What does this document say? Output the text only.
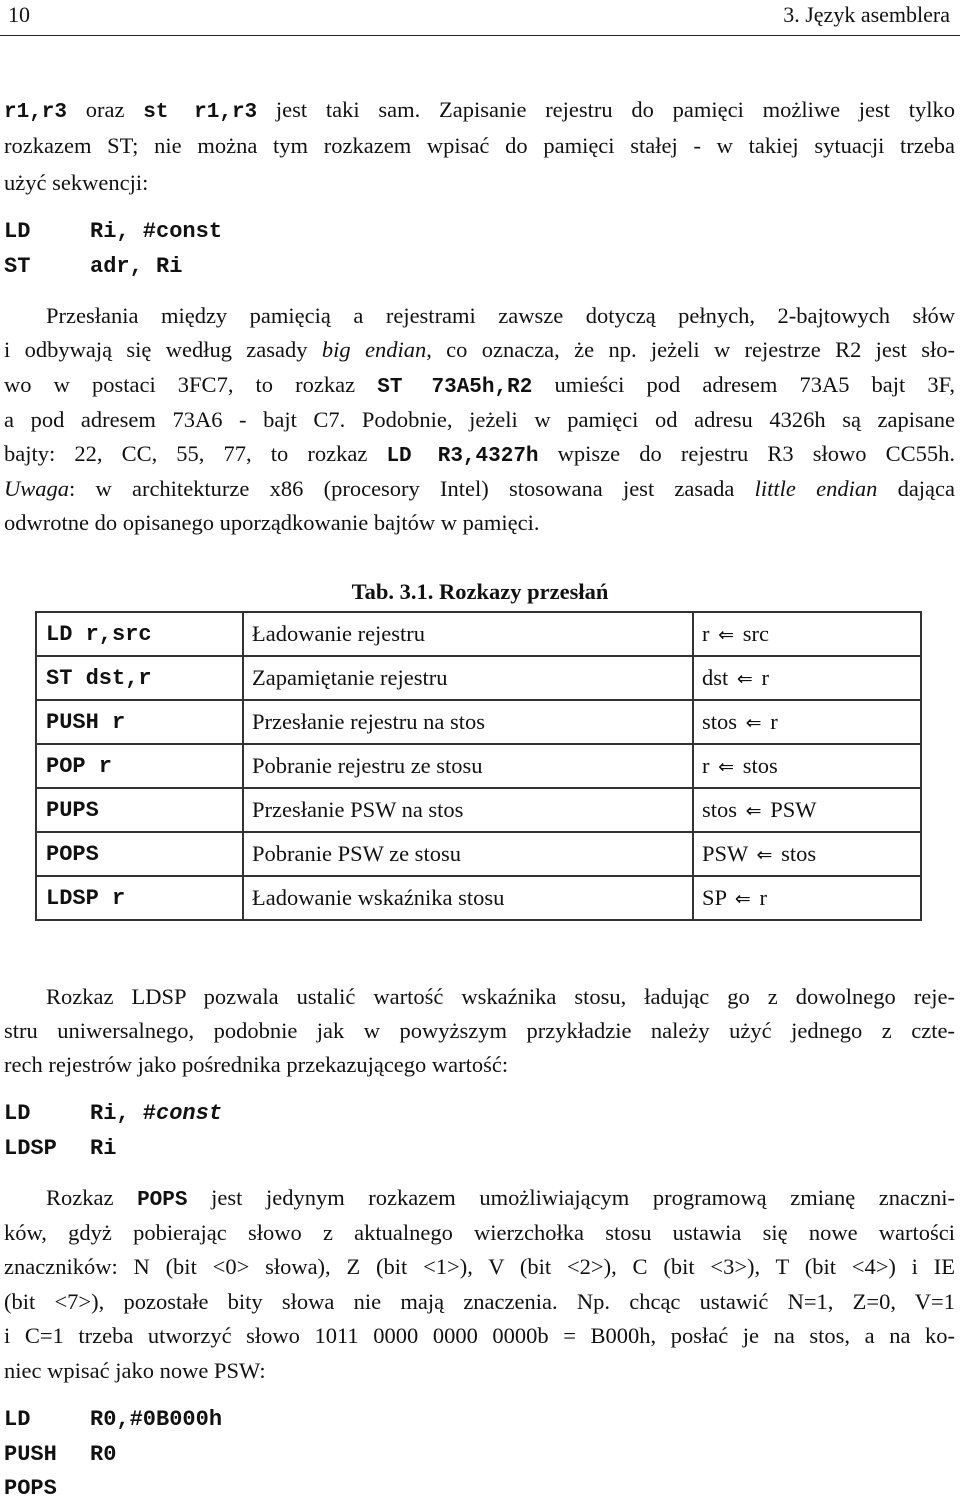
10	3. Język asemblera
r1,r3 oraz st r1,r3 jest taki sam. Zapisanie rejestru do pamięci możliwe jest tylko
rozkazem ST; nie można tym rozkazem wpisać do pamięci stałej - w takiej sytuacji trzeba
użyć sekwencji:
LD	Ri, #const
ST	adr, Ri
Przesłania między pamięcią a rejestrami zawsze dotyczą pełnych, 2-bajtowych słów
i odbywają się według zasady big endian, co oznacza, że np. jeżeli w rejestrze R2 jest sło-
wo w postaci 3FC7, to rozkaz ST 73A5h,R2 umieści pod adresem 73A5 bajt 3F,
a pod adresem 73A6 - bajt C7. Podobnie, jeżeli w pamięci od adresu 4326h są zapisane
bajty: 22, CC, 55, 77, to rozkaz LD R3,4327h wpisze do rejestru R3 słowo CC55h.
Uwaga: w architekturze x86 (procesory Intel) stosowana jest zasada little endian dająca
odwrotne do opisanego uporządkowanie bajtów w pamięci.
Tab. 3.1. Rozkazy przesłań
LD r,src	Ładowanie rejestru	r ⇐ src
ST dst,r	Zapamiętanie rejestru	dst ⇐ r
PUSH r	Przesłanie rejestru na stos	stos ⇐ r
POP r	Pobranie rejestru ze stosu	r ⇐ stos
PUPS	Przesłanie PSW na stos	stos ⇐ PSW
POPS	Pobranie PSW ze stosu	PSW ⇐ stos
LDSP r	Ładowanie wskaźnika stosu	SP ⇐ r
Rozkaz LDSP pozwala ustalić wartość wskaźnika stosu, ładując go z dowolnego reje-
stru uniwersalnego, podobnie jak w powyższym przykładzie należy użyć jednego z czte-
rech rejestrów jako pośrednika przekazującego wartość:
LD	Ri, #const
LDSP Ri
Rozkaz POPS jest jedynym rozkazem umożliwiającym programową zmianę znaczni-
ków, gdyż pobierając słowo z aktualnego wierzchołka stosu ustawia się nowe wartości
znaczników: N (bit <0> słowa), Z (bit <1>), V (bit <2>), C (bit <3>), T (bit <4>) i IE
(bit <7>), pozostałe bity słowa nie mają znaczenia. Np. chcąc ustawić N=1, Z=0, V=1
i C=1 trzeba utworzyć słowo 1011 0000 0000 0000b = B000h, posłać je na stos, a na ko-
niec wpisać jako nowe PSW:
LD	R0,#0B000h
PUSH R0
POPS
